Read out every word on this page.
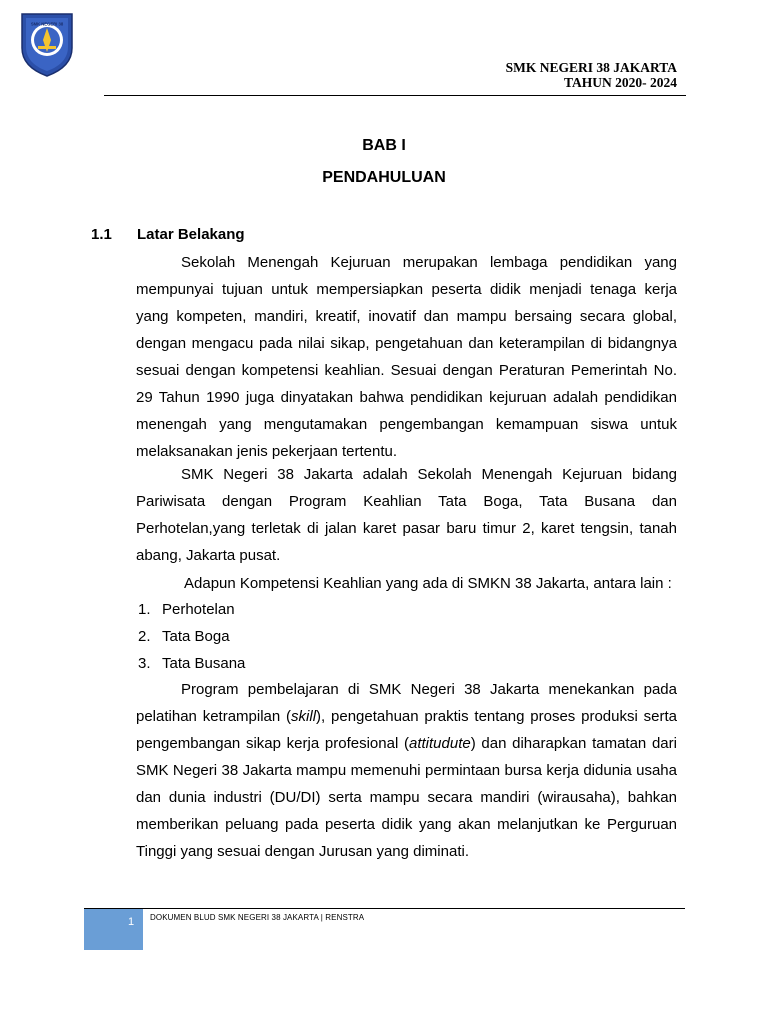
SMK NEGERI 38
SMK NEGERI 38 JAKARTA
TAHUN 2020- 2024
BAB I
PENDAHULUAN
1.1 Latar Belakang

Sekolah Menengah Kejuruan merupakan lembaga pendidikan yang mempunyai tujuan untuk mempersiapkan peserta didik menjadi tenaga kerja yang kompeten, mandiri, kreatif, inovatif dan mampu bersaing secara global, dengan mengacu pada nilai sikap, pengetahuan dan keterampilan di bidangnya sesuai dengan kompetensi keahlian. Sesuai dengan Peraturan Pemerintah No. 29 Tahun 1990 juga dinyatakan bahwa pendidikan kejuruan adalah pendidikan menengah yang mengutamakan pengembangan kemampuan siswa untuk melaksanakan jenis pekerjaan tertentu.

SMK Negeri 38 Jakarta adalah Sekolah Menengah Kejuruan bidang Pariwisata dengan Program Keahlian Tata Boga, Tata Busana dan Perhotelan,yang terletak di jalan karet pasar baru timur 2, karet tengsin, tanah abang, Jakarta pusat.

Adapun Kompetensi Keahlian yang ada di SMKN 38 Jakarta, antara lain :

1. Perhotelan
2. Tata Boga
3. Tata Busana

Program pembelajaran di SMK Negeri 38 Jakarta menekankan pada pelatihan ketrampilan (skill), pengetahuan praktis tentang proses produksi serta pengembangan sikap kerja profesional (attitudute) dan diharapkan tamatan dari SMK Negeri 38 Jakarta mampu memenuhi permintaan bursa kerja didunia usaha dan dunia industri (DU/DI) serta mampu secara mandiri (wirausaha), bahkan memberikan peluang pada peserta didik yang akan melanjutkan ke Perguruan Tinggi yang sesuai dengan Jurusan yang diminati.

1	DOKUMEN BLUD SMK NEGERI 38 JAKARTA | RENSTRA
